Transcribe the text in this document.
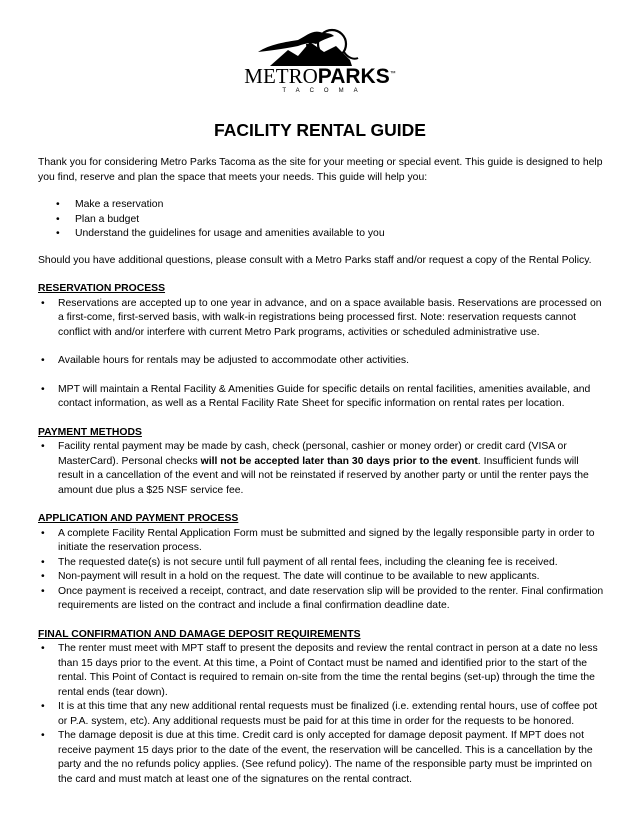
METROPARKS™
TACOMA
FACILITY RENTAL GUIDE

Thank you for considering Metro Parks Tacoma as the site for your meeting or special event. This guide is designed to help you find, reserve and plan the space that meets your needs. This guide will help you:

• Make a reservation
• Plan a budget
• Understand the guidelines for usage and amenities available to you

Should you have additional questions, please consult with a Metro Parks staff and/or request a copy of the Rental Policy.

RESERVATION PROCESS
• Reservations are accepted up to one year in advance, and on a space available basis. Reservations are processed on a first-come, first-served basis, with walk-in registrations being processed first. Note: reservation requests cannot conflict with and/or interfere with current Metro Park programs, activities or scheduled administrative use.
• Available hours for rentals may be adjusted to accommodate other activities.
• MPT will maintain a Rental Facility & Amenities Guide for specific details on rental facilities, amenities available, and contact information, as well as a Rental Facility Rate Sheet for specific information on rental rates per location.
PAYMENT METHODS
• Facility rental payment may be made by cash, check (personal, cashier or money order) or credit card (VISA or MasterCard). Personal checks will not be accepted later than 30 days prior to the event. Insufficient funds will result in a cancellation of the event and will not be reinstated if reserved by another party or until the renter pays the amount due plus a $25 NSF service fee.
APPLICATION AND PAYMENT PROCESS
• A complete Facility Rental Application Form must be submitted and signed by the legally responsible party in order to initiate the reservation process.
• The requested date(s) is not secure until full payment of all rental fees, including the cleaning fee is received.
• Non-payment will result in a hold on the request. The date will continue to be available to new applicants.
• Once payment is received a receipt, contract, and date reservation slip will be provided to the renter. Final confirmation requirements are listed on the contract and include a final confirmation deadline date.
FINAL CONFIRMATION AND DAMAGE DEPOSIT REQUIREMENTS
• The renter must meet with MPT staff to present the deposits and review the rental contract in person at a date no less than 15 days prior to the event. At this time, a Point of Contact must be named and identified prior to the start of the rental. This Point of Contact is required to remain on-site from the time the rental begins (set-up) through the time the rental ends (tear down).
• It is at this time that any new additional rental requests must be finalized (i.e. extending rental hours, use of coffee pot or P.A. system, etc). Any additional requests must be paid for at this time in order for the requests to be honored.
• The damage deposit is due at this time. Credit card is only accepted for damage deposit payment. If MPT does not receive payment 15 days prior to the date of the event, the reservation will be cancelled. This is a cancellation by the party and the no refunds policy applies. (See refund policy). The name of the responsible party must be imprinted on the card and must match at least one of the signatures on the rental contract.
